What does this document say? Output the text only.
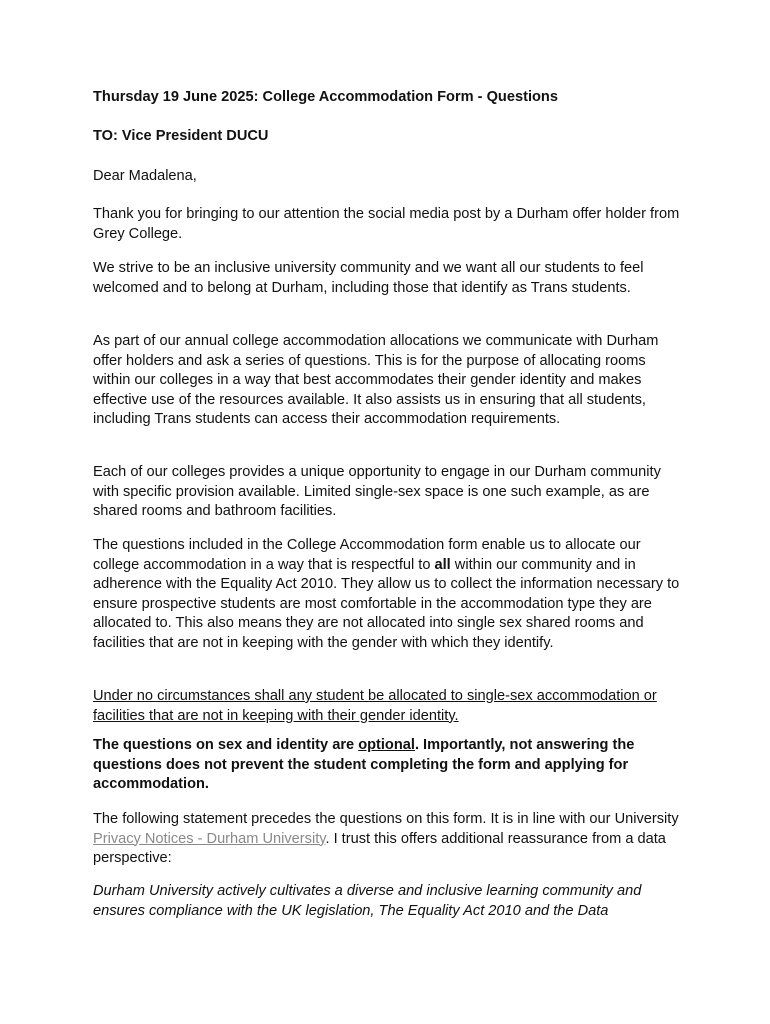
Thursday 19 June 2025: College Accommodation Form - Questions

TO: Vice President DUCU

Dear Madalena,

Thank you for bringing to our attention the social media post by a Durham offer holder from Grey College.

We strive to be an inclusive university community and we want all our students to feel welcomed and to belong at Durham, including those that identify as Trans students.

As part of our annual college accommodation allocations we communicate with Durham offer holders and ask a series of questions. This is for the purpose of allocating rooms within our colleges in a way that best accommodates their gender identity and makes effective use of the resources available. It also assists us in ensuring that all students, including Trans students can access their accommodation requirements.

Each of our colleges provides a unique opportunity to engage in our Durham community with specific provision available. Limited single-sex space is one such example, as are shared rooms and bathroom facilities.

The questions included in the College Accommodation form enable us to allocate our college accommodation in a way that is respectful to all within our community and in adherence with the Equality Act 2010. They allow us to collect the information necessary to ensure prospective students are most comfortable in the accommodation type they are allocated to. This also means they are not allocated into single sex shared rooms and facilities that are not in keeping with the gender with which they identify.

Under no circumstances shall any student be allocated to single-sex accommodation or facilities that are not in keeping with their gender identity.

The questions on sex and identity are optional. Importantly, not answering the questions does not prevent the student completing the form and applying for accommodation.

The following statement precedes the questions on this form. It is in line with our University Privacy Notices - Durham University. I trust this offers additional reassurance from a data perspective:

Durham University actively cultivates a diverse and inclusive learning community and ensures compliance with the UK legislation, The Equality Act 2010 and the Data
